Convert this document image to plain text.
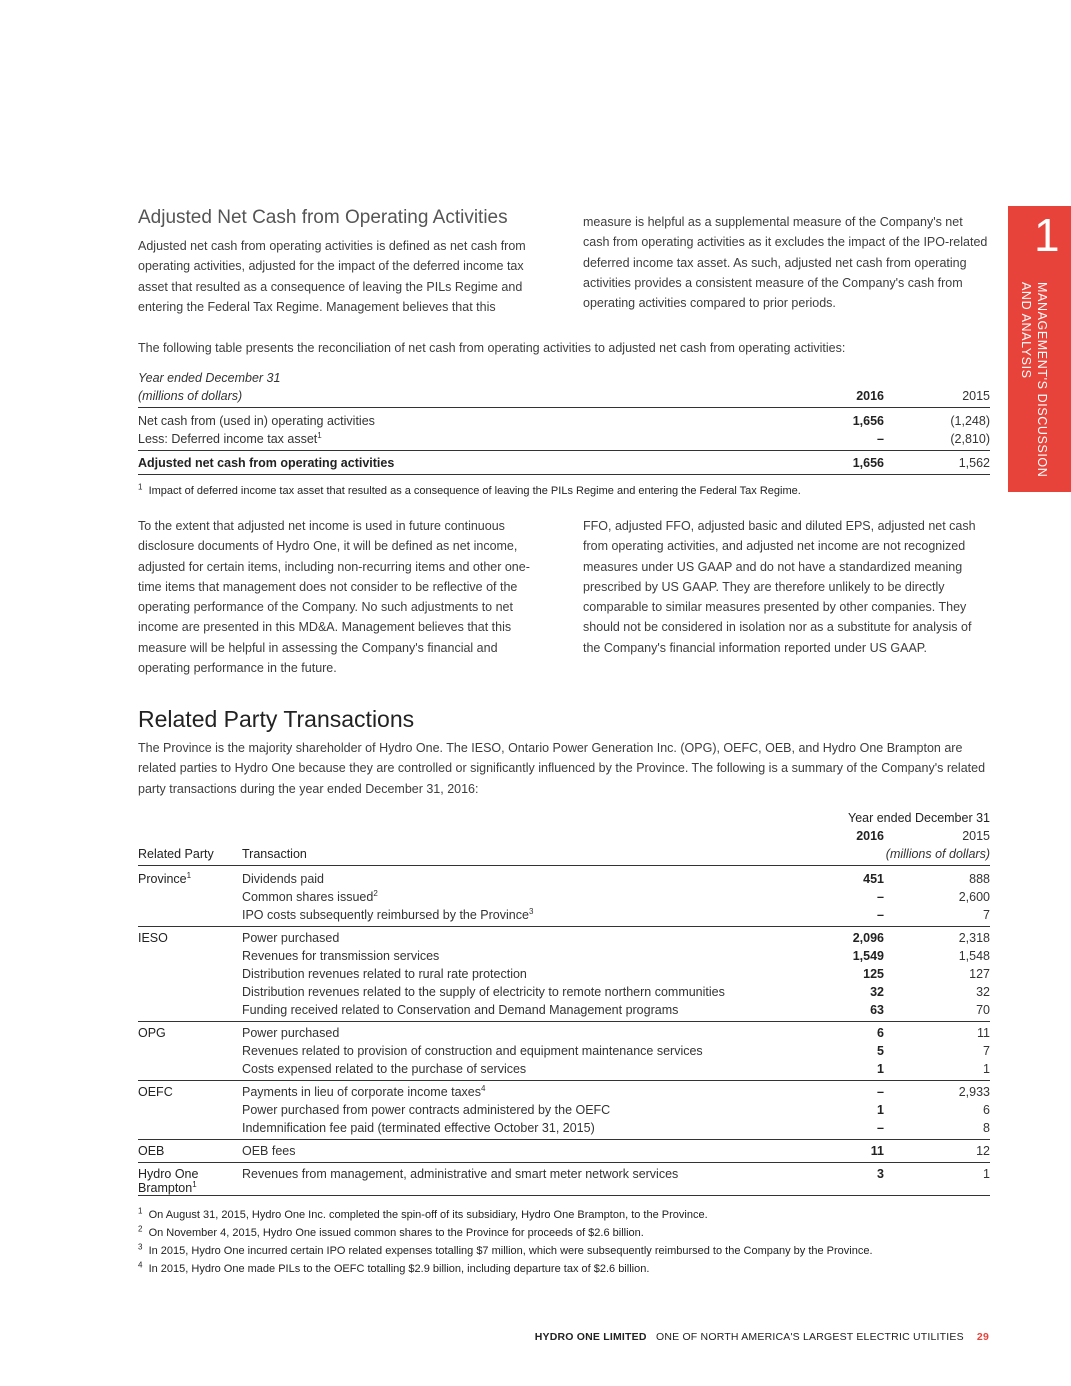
1
MANAGEMENT'S DISCUSSION
AND ANALYSIS
Adjusted Net Cash from Operating Activities

Adjusted net cash from operating activities is defined as net cash from operating activities, adjusted for the impact of the deferred income tax asset that resulted as a consequence of leaving the PILs Regime and entering the Federal Tax Regime. Management believes that this

measure is helpful as a supplemental measure of the Company's net cash from operating activities as it excludes the impact of the IPO-related deferred income tax asset. As such, adjusted net cash from operating activities provides a consistent measure of the Company's cash from operating activities compared to prior periods.

The following table presents the reconciliation of net cash from operating activities to adjusted net cash from operating activities:

Year ended December 31		
(millions of dollars)	2016	2015

Net cash from (used in) operating activities	1,656	(1,248)
Less: Deferred income tax asset$^1$	–	(2,810)

Adjusted net cash from operating activities	1,656	1,562
$^1$ Impact of deferred income tax asset that resulted as a consequence of leaving the PILs Regime and entering the Federal Tax Regime.

To the extent that adjusted net income is used in future continuous disclosure documents of Hydro One, it will be defined as net income, adjusted for certain items, including non-recurring items and other one-time items that management does not consider to be reflective of the operating performance of the Company. No such adjustments to net income are presented in this MD&A. Management believes that this measure will be helpful in assessing the Company's financial and operating performance in the future.

FFO, adjusted FFO, adjusted basic and diluted EPS, adjusted net cash from operating activities, and adjusted net income are not recognized measures under US GAAP and do not have a standardized meaning prescribed by US GAAP. They are therefore unlikely to be directly comparable to similar measures presented by other companies. They should not be considered in isolation nor as a substitute for analysis of the Company's financial information reported under US GAAP.

Related Party Transactions

The Province is the majority shareholder of Hydro One. The IESO, Ontario Power Generation Inc. (OPG), OEFC, OEB, and Hydro One Brampton are related parties to Hydro One because they are controlled or significantly influenced by the Province. The following is a summary of the Company's related party transactions during the year ended December 31, 2016:

		Year ended December 31	
		2016	2015
Related Party	Transaction	(millions of dollars)	

Province$^1$	Dividends paid	451	888
	Common shares issued$^2$	–	2,600
	IPO costs subsequently reimbursed by the Province$^3$	–	7

IESO	Power purchased	2,096	2,318
	Revenues for transmission services	1,549	1,548
	Distribution revenues related to rural rate protection	125	127
	Distribution revenues related to the supply of electricity to remote northern communities	32	32
	Funding received related to Conservation and Demand Management programs	63	70

OPG	Power purchased	6	11
	Revenues related to provision of construction and equipment maintenance services	5	7
	Costs expensed related to the purchase of services	1	1

OEFC	Payments in lieu of corporate income taxes$^4$	–	2,933
	Power purchased from power contracts administered by the OEFC	1	6
	Indemnification fee paid (terminated effective October 31, 2015)	–	8

OEB	OEB fees	11	12

Hydro One
Brampton$^1$	Revenues from management, administrative and smart meter network services	3	1
$^1$ On August 31, 2015, Hydro One Inc. completed the spin-off of its subsidiary, Hydro One Brampton, to the Province.
$^2$ On November 4, 2015, Hydro One issued common shares to the Province for proceeds of $2.6 billion.
$^3$ In 2015, Hydro One incurred certain IPO related expenses totalling $7 million, which were subsequently reimbursed to the Company by the Province.
$^4$ In 2015, Hydro One made PILs to the OEFC totalling $2.9 billion, including departure tax of $2.6 billion.
HYDRO ONE LIMITED ONE OF NORTH AMERICA'S LARGEST ELECTRIC UTILITIES 29
